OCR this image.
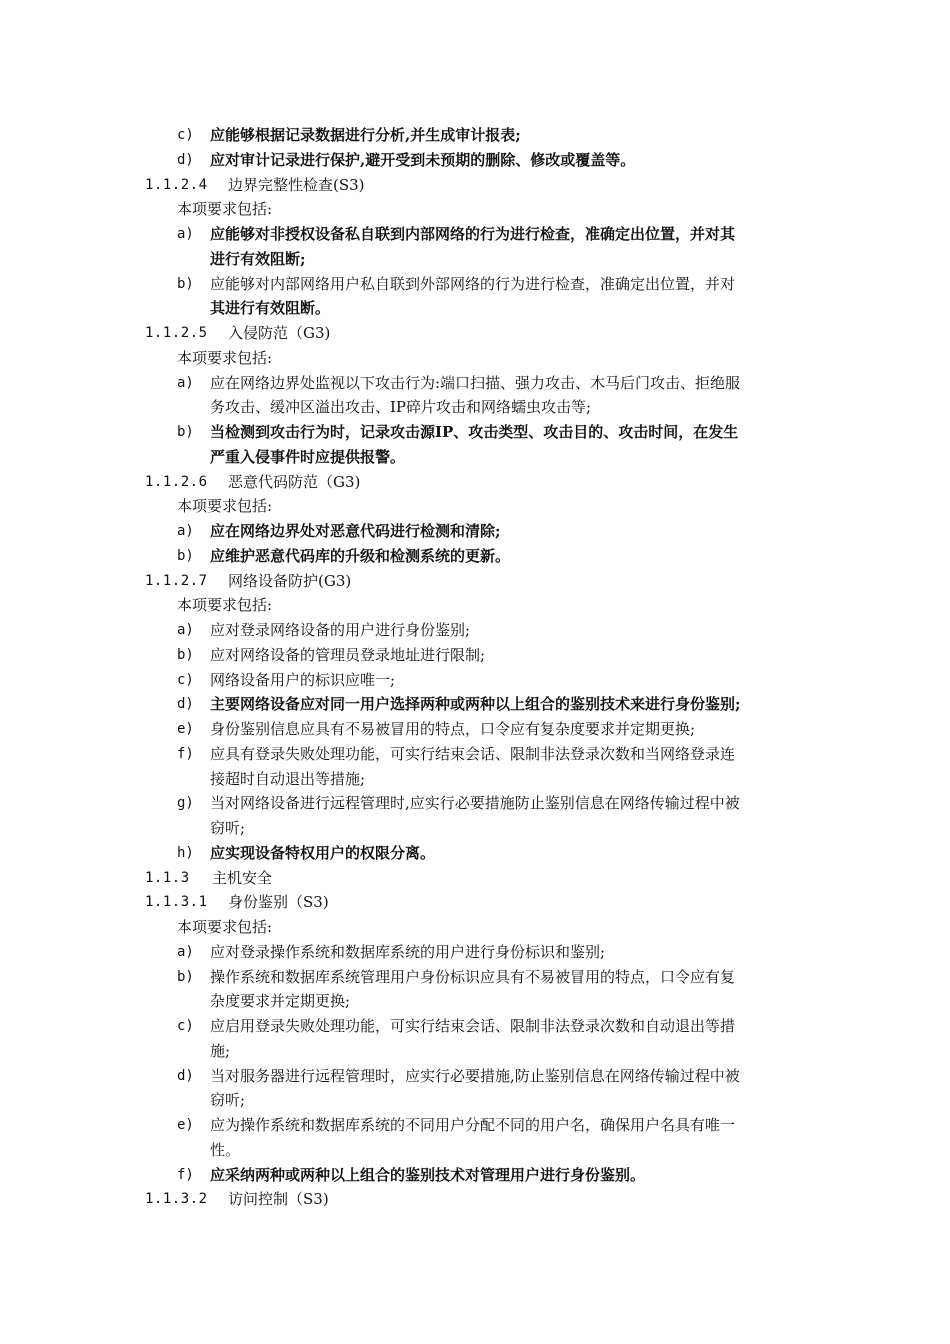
c)	应能够根据记录数据进行分析,并生成审计报表;
d)	应对审计记录进行保护,避开受到未预期的删除、修改或覆盖等。
1.1.2.4 边界完整性检查(S3)
本项要求包括:
a)	应能够对非授权设备私自联到内部网络的行为进行检查，准确定出位置，并对其
进行有效阻断;
b)	应能够对内部网络用户私自联到外部网络的行为进行检查，准确定出位置，并对
其进行有效阻断。
1.1.2.5 入侵防范（G3)
本项要求包括:
a)	应在网络边界处监视以下攻击行为:端口扫描、强力攻击、木马后门攻击、拒绝服
务攻击、缓冲区溢出攻击、IP碎片攻击和网络蠕虫攻击等;
b)	当检测到攻击行为时，记录攻击源IP、攻击类型、攻击目的、攻击时间，在发生
严重入侵事件时应提供报警。
1.1.2.6 恶意代码防范（G3)
本项要求包括:
a)	应在网络边界处对恶意代码进行检测和清除;
b)	应维护恶意代码库的升级和检测系统的更新。
1.1.2.7 网络设备防护(G3)
本项要求包括:
a)	应对登录网络设备的用户进行身份鉴别;
b)	应对网络设备的管理员登录地址进行限制;
c)	网络设备用户的标识应唯一;
d)	主要网络设备应对同一用户选择两种或两种以上组合的鉴别技术来进行身份鉴别;
e)	身份鉴别信息应具有不易被冒用的特点，口令应有复杂度要求并定期更换;
f)	应具有登录失败处理功能，可实行结束会话、限制非法登录次数和当网络登录连
接超时自动退出等措施;
g)	当对网络设备进行远程管理时,应实行必要措施防止鉴别信息在网络传输过程中被
窃听;
h)	应实现设备特权用户的权限分离。
1.1.3 主机安全
1.1.3.1 身份鉴别（S3)
本项要求包括:
a)	应对登录操作系统和数据库系统的用户进行身份标识和鉴别;
b)	操作系统和数据库系统管理用户身份标识应具有不易被冒用的特点，口令应有复
杂度要求并定期更换;
c)	应启用登录失败处理功能，可实行结束会话、限制非法登录次数和自动退出等措
施;
d)	当对服务器进行远程管理时，应实行必要措施,防止鉴别信息在网络传输过程中被
窃听;
e)	应为操作系统和数据库系统的不同用户分配不同的用户名，确保用户名具有唯一
性。
f)	应采纳两种或两种以上组合的鉴别技术对管理用户进行身份鉴别。
1.1.3.2 访问控制（S3)
